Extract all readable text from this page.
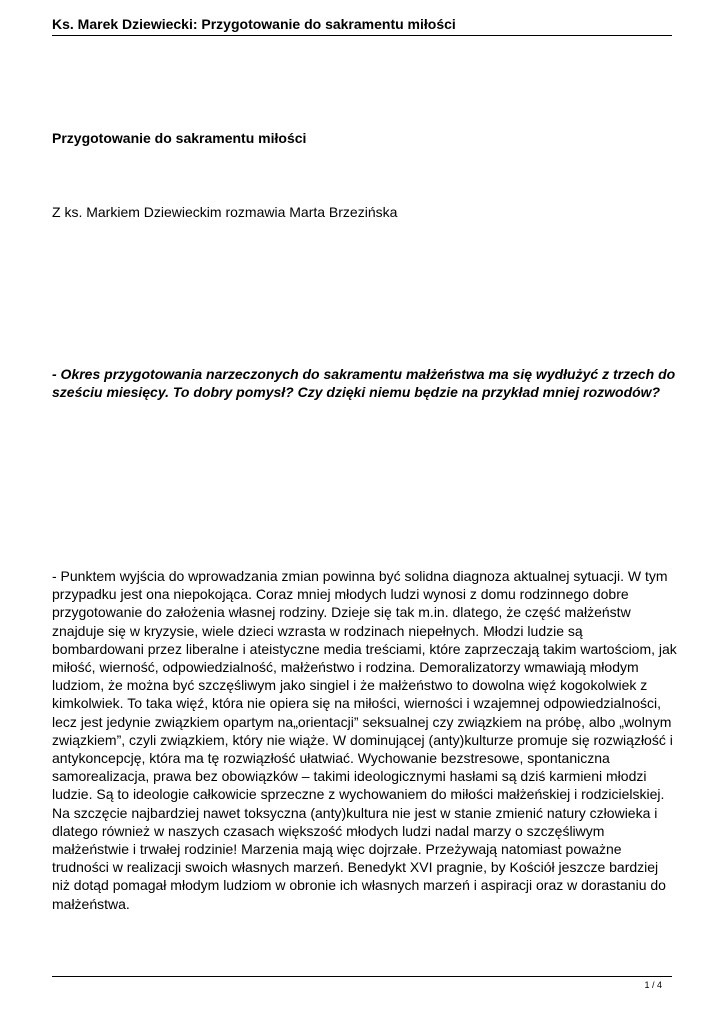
Ks. Marek Dziewiecki: Przygotowanie do sakramentu miłości
Przygotowanie do sakramentu miłości
Z ks. Markiem Dziewieckim rozmawia Marta Brzezińska

- Okres przygotowania narzeczonych do sakramentu małżeństwa ma się wydłużyć z trzech do sześciu miesięcy. To dobry pomysł? Czy dzięki niemu będzie na przykład mniej rozwodów?

- Punktem wyjścia do wprowadzania zmian powinna być solidna diagnoza aktualnej sytuacji. W tym przypadku jest ona niepokojąca. Coraz mniej młodych ludzi wynosi z domu rodzinnego dobre przygotowanie do założenia własnej rodziny. Dzieje się tak m.in. dlatego, że część małżeństw znajduje się w kryzysie, wiele dzieci wzrasta w rodzinach niepełnych. Młodzi ludzie są bombardowani przez liberalne i ateistyczne media treściami, które zaprzeczają takim wartościom, jak miłość, wierność, odpowiedzialność, małżeństwo i rodzina. Demoralizatorzy wmawiają młodym ludziom, że można być szczęśliwym jako singiel i że małżeństwo to dowolna więź kogokolwiek z kimkolwiek. To taka więź, która nie opiera się na miłości, wierności i wzajemnej odpowiedzialności, lecz jest jedynie związkiem opartym na„orientacji” seksualnej czy związkiem na próbę, albo „wolnym związkiem”, czyli związkiem, który nie wiąże. W dominującej (anty)kulturze promuje się rozwiązłość i antykoncepcję, która ma tę rozwiązłość ułatwiać. Wychowanie bezstresowe, spontaniczna samorealizacja, prawa bez obowiązków – takimi ideologicznymi hasłami są dziś karmieni młodzi ludzie. Są to ideologie całkowicie sprzeczne z wychowaniem do miłości małżeńskiej i rodzicielskiej. Na szczęcie najbardziej nawet toksyczna (anty)kultura nie jest w stanie zmienić natury człowieka i dlatego również w naszych czasach większość młodych ludzi nadal marzy o szczęśliwym małżeństwie i trwałej rodzinie! Marzenia mają więc dojrzałe. Przeżywają natomiast poważne trudności w realizacji swoich własnych marzeń. Benedykt XVI pragnie, by Kościół jeszcze bardziej niż dotąd pomagał młodym ludziom w obronie ich własnych marzeń i aspiracji oraz w dorastaniu do małżeństwa.

1 / 4
